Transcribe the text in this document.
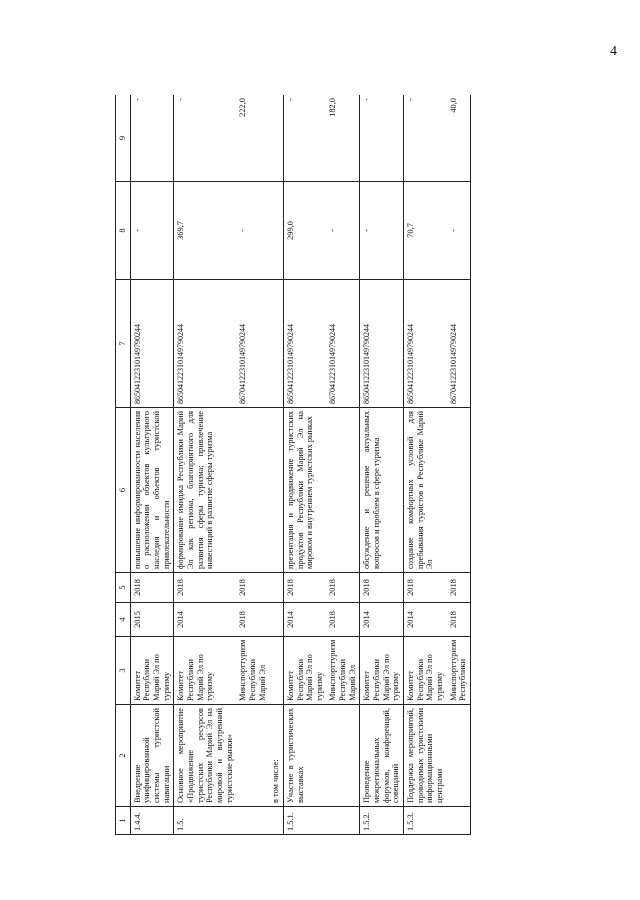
4
1	2	3	4	5	6	7	8	9
1.4.4.	Внедрение унифицированной системы туристской навигации	Комитет Республики Марий Эл по туризму	2015	2018	повышение информированности населения о расположении объектов культурного наследия и объектов туристской привлекательности	86504122310149790244	-	-
1.5.	Основное мероприятие «Продвижение туристских ресурсов Республики Марий Эл на мировой и внутренний туристские рынки»	Комитет Республики Марий Эл по туризму	2014	2018	формирование имиджа Республики Марий Эл как региона, благоприятного для развития сферы туризма; привлечение инвестиций в развитие сферы туризма	86504122310149790244	369,7	-
		Минспорттуризм Республики Марий Эл	2018	2018		86704122310149790244	-	222,0
	в том числе:							
1.5.1.	Участие в туристических выставках	Комитет Республики Марий Эл по туризму	2014	2018	презентация и продвижение туристских продуктов Республики Марий Эл на мировом и внутреннем туристских рынках	86504122310149790244	299,0	-
		Минспорттуризм Республики Марий Эл	2018	2018		86704122310149790244	-	182,0
1.5.2.	Проведение межрегиональных форумов, конференций, совещаний	Комитет Республики Марий Эл по туризму	2014	2018	обсуждение и решение актуальных вопросов и проблем в сфере туризма	86504122310149790244	-	-
1.5.3.	Поддержка мероприятий, проводимых туристскими информационными центрами	Комитет Республики Марий Эл по туризму	2014	2018	создание комфортных условий для пребывания туристов в Республике Марий Эл	86504122310149790244	70,7	-
		Минспорттуризм Республики	2018	2018		86704122310149790244	-	40,0
